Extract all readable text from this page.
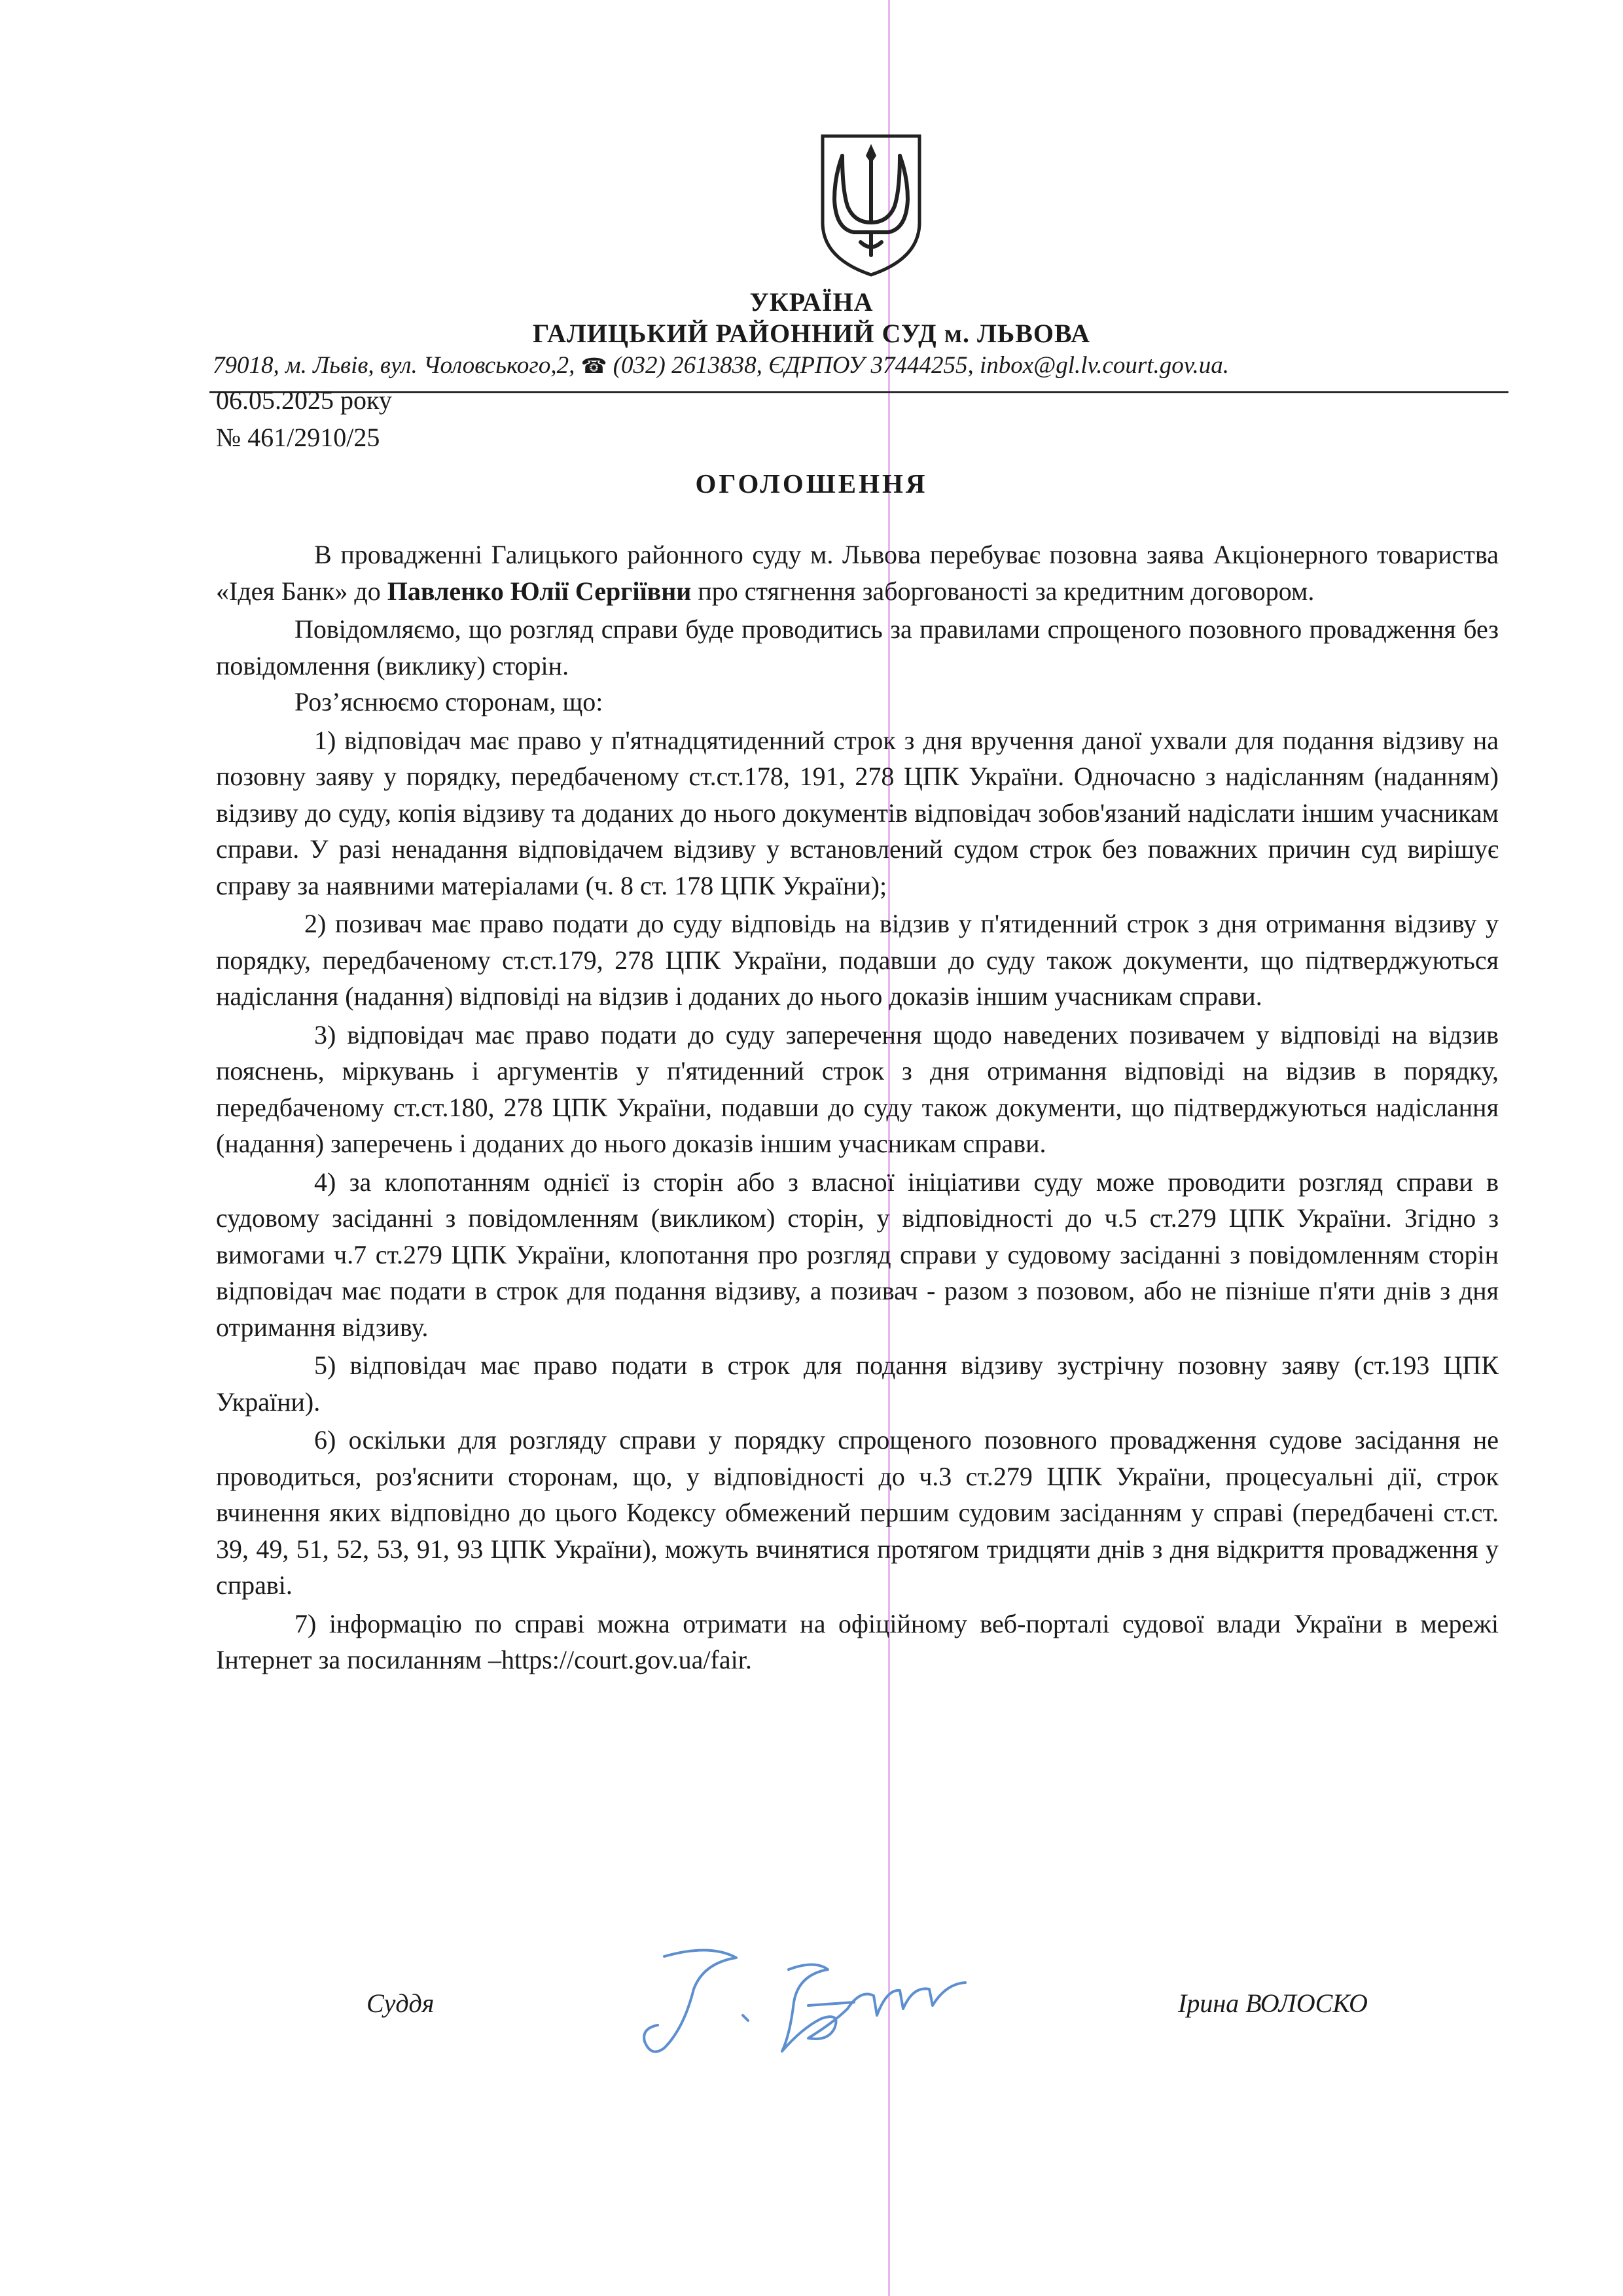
УКРАЇНА
ГАЛИЦЬКИЙ РАЙОННИЙ СУД м. ЛЬВОВА
79018, м. Львів, вул. Чоловського,2, ☎ (032) 2613838, ЄДРПОУ 37444255, inbox@gl.lv.court.gov.ua.
06.05.2025 року
№ 461/2910/25
ОГОЛОШЕННЯ

В провадженні Галицького районного суду м. Львова перебуває позовна заява Акціонерного товариства «Ідея Банк» до Павленко Юлії Сергіївни про стягнення заборгованості за кредитним договором.

Повідомляємо, що розгляд справи буде проводитись за правилами спрощеного позовного провадження без повідомлення (виклику) сторін.

Роз’яснюємо сторонам, що:

1) відповідач має право у п'ятнадцятиденний строк з дня вручення даної ухвали для подання відзиву на позовну заяву у порядку, передбаченому ст.ст.178, 191, 278 ЦПК України. Одночасно з надісланням (наданням) відзиву до суду, копія відзиву та доданих до нього документів відповідач зобов'язаний надіслати іншим учасникам справи. У разі ненадання відповідачем відзиву у встановлений судом строк без поважних причин суд вирішує справу за наявними матеріалами (ч. 8 ст. 178 ЦПК України);

2) позивач має право подати до суду відповідь на відзив у п'ятиденний строк з дня отримання відзиву у порядку, передбаченому ст.ст.179, 278 ЦПК України, подавши до суду також документи, що підтверджуються надіслання (надання) відповіді на відзив і доданих до нього доказів іншим учасникам справи.

3) відповідач має право подати до суду заперечення щодо наведених позивачем у відповіді на відзив пояснень, міркувань і аргументів у п'ятиденний строк з дня отримання відповіді на відзив в порядку, передбаченому ст.ст.180, 278 ЦПК України, подавши до суду також документи, що підтверджуються надіслання (надання) заперечень і доданих до нього доказів іншим учасникам справи.

4) за клопотанням однієї із сторін або з власної ініціативи суду може проводити розгляд справи в судовому засіданні з повідомленням (викликом) сторін, у відповідності до ч.5 ст.279 ЦПК України. Згідно з вимогами ч.7 ст.279 ЦПК України, клопотання про розгляд справи у судовому засіданні з повідомленням сторін відповідач має подати в строк для подання відзиву, а позивач - разом з позовом, або не пізніше п'яти днів з дня отримання відзиву.

5) відповідач має право подати в строк для подання відзиву зустрічну позовну заяву (ст.193 ЦПК України).

6) оскільки для розгляду справи у порядку спрощеного позовного провадження судове засідання не проводиться, роз'яснити сторонам, що, у відповідності до ч.3 ст.279 ЦПК України, процесуальні дії, строк вчинення яких відповідно до цього Кодексу обмежений першим судовим засіданням у справі (передбачені ст.ст. 39, 49, 51, 52, 53, 91, 93 ЦПК України), можуть вчинятися протягом тридцяти днів з дня відкриття провадження у справі.

7) інформацію по справі можна отримати на офіційному веб-порталі судової влади України в мережі Інтернет за посиланням –https://court.gov.ua/fair.

Суддя	Ірина ВОЛОСКО
